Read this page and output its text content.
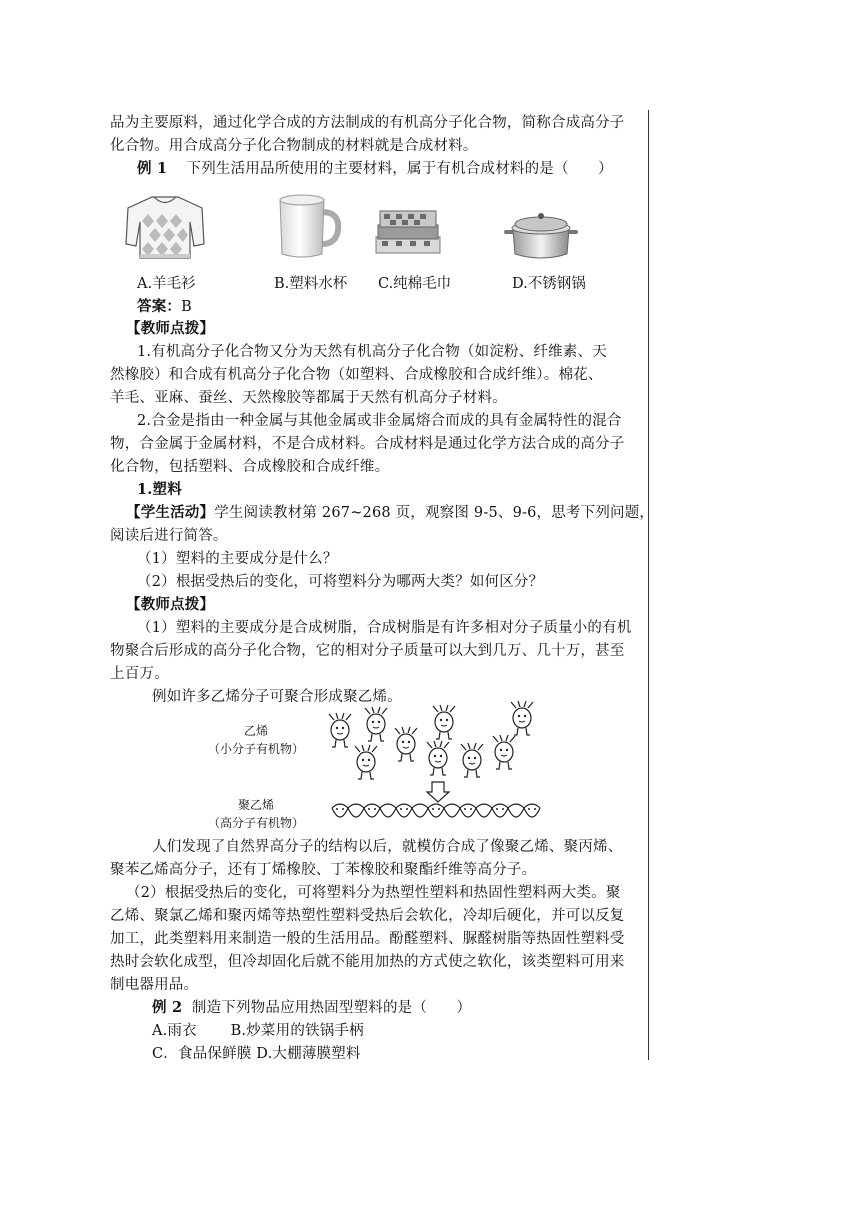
品为主要原料，通过化学合成的方法制成的有机高分子化合物，简称合成高分子
化合物。用合成高分子化合物制成的材料就是合成材料。
例 1 下列生活用品所使用的主要材料，属于有机合成材料的是（　　）
A.羊毛衫	B.塑料水杯 C.纯棉毛巾	D.不锈钢锅
答案：B
【教师点拨】
1.有机高分子化合物又分为天然有机高分子化合物（如淀粉、纤维素、天
然橡胶）和合成有机高分子化合物（如塑料、合成橡胶和合成纤维）。棉花、
羊毛、亚麻、蚕丝、天然橡胶等都属于天然有机高分子材料。
2.合金是指由一种金属与其他金属或非金属熔合而成的具有金属特性的混合
物，合金属于金属材料，不是合成材料。合成材料是通过化学方法合成的高分子
化合物，包括塑料、合成橡胶和合成纤维。
1.塑料
【学生活动】学生阅读教材第 267~268 页，观察图 9-5、9-6，思考下列问题，
阅读后进行简答。
（1）塑料的主要成分是什么？
（2）根据受热后的变化，可将塑料分为哪两大类？如何区分？
【教师点拨】
（1）塑料的主要成分是合成树脂，合成树脂是有许多相对分子质量小的有机
物聚合后形成的高分子化合物，它的相对分子质量可以大到几万、几十万，甚至
上百万。
例如许多乙烯分子可聚合形成聚乙烯。
乙烯
（小分子有机物）
聚乙烯
（高分子有机物）
人们发现了自然界高分子的结构以后，就模仿合成了像聚乙烯、聚丙烯、
聚苯乙烯高分子，还有丁烯橡胶、丁苯橡胶和聚酯纤维等高分子。
（2）根据受热后的变化，可将塑料分为热塑性塑料和热固性塑料两大类。聚
乙烯、聚氯乙烯和聚丙烯等热塑性塑料受热后会软化，冷却后硬化，并可以反复
加工，此类塑料用来制造一般的生活用品。酚醛塑料、脲醛树脂等热固性塑料受
热时会软化成型，但冷却固化后就不能用加热的方式使之软化，该类塑料可用来
制电器用品。
例 2 制造下列物品应用热固型塑料的是（　　）
A.雨衣 B.炒菜用的铁锅手柄
C．食品保鲜膜 D.大棚薄膜塑料
